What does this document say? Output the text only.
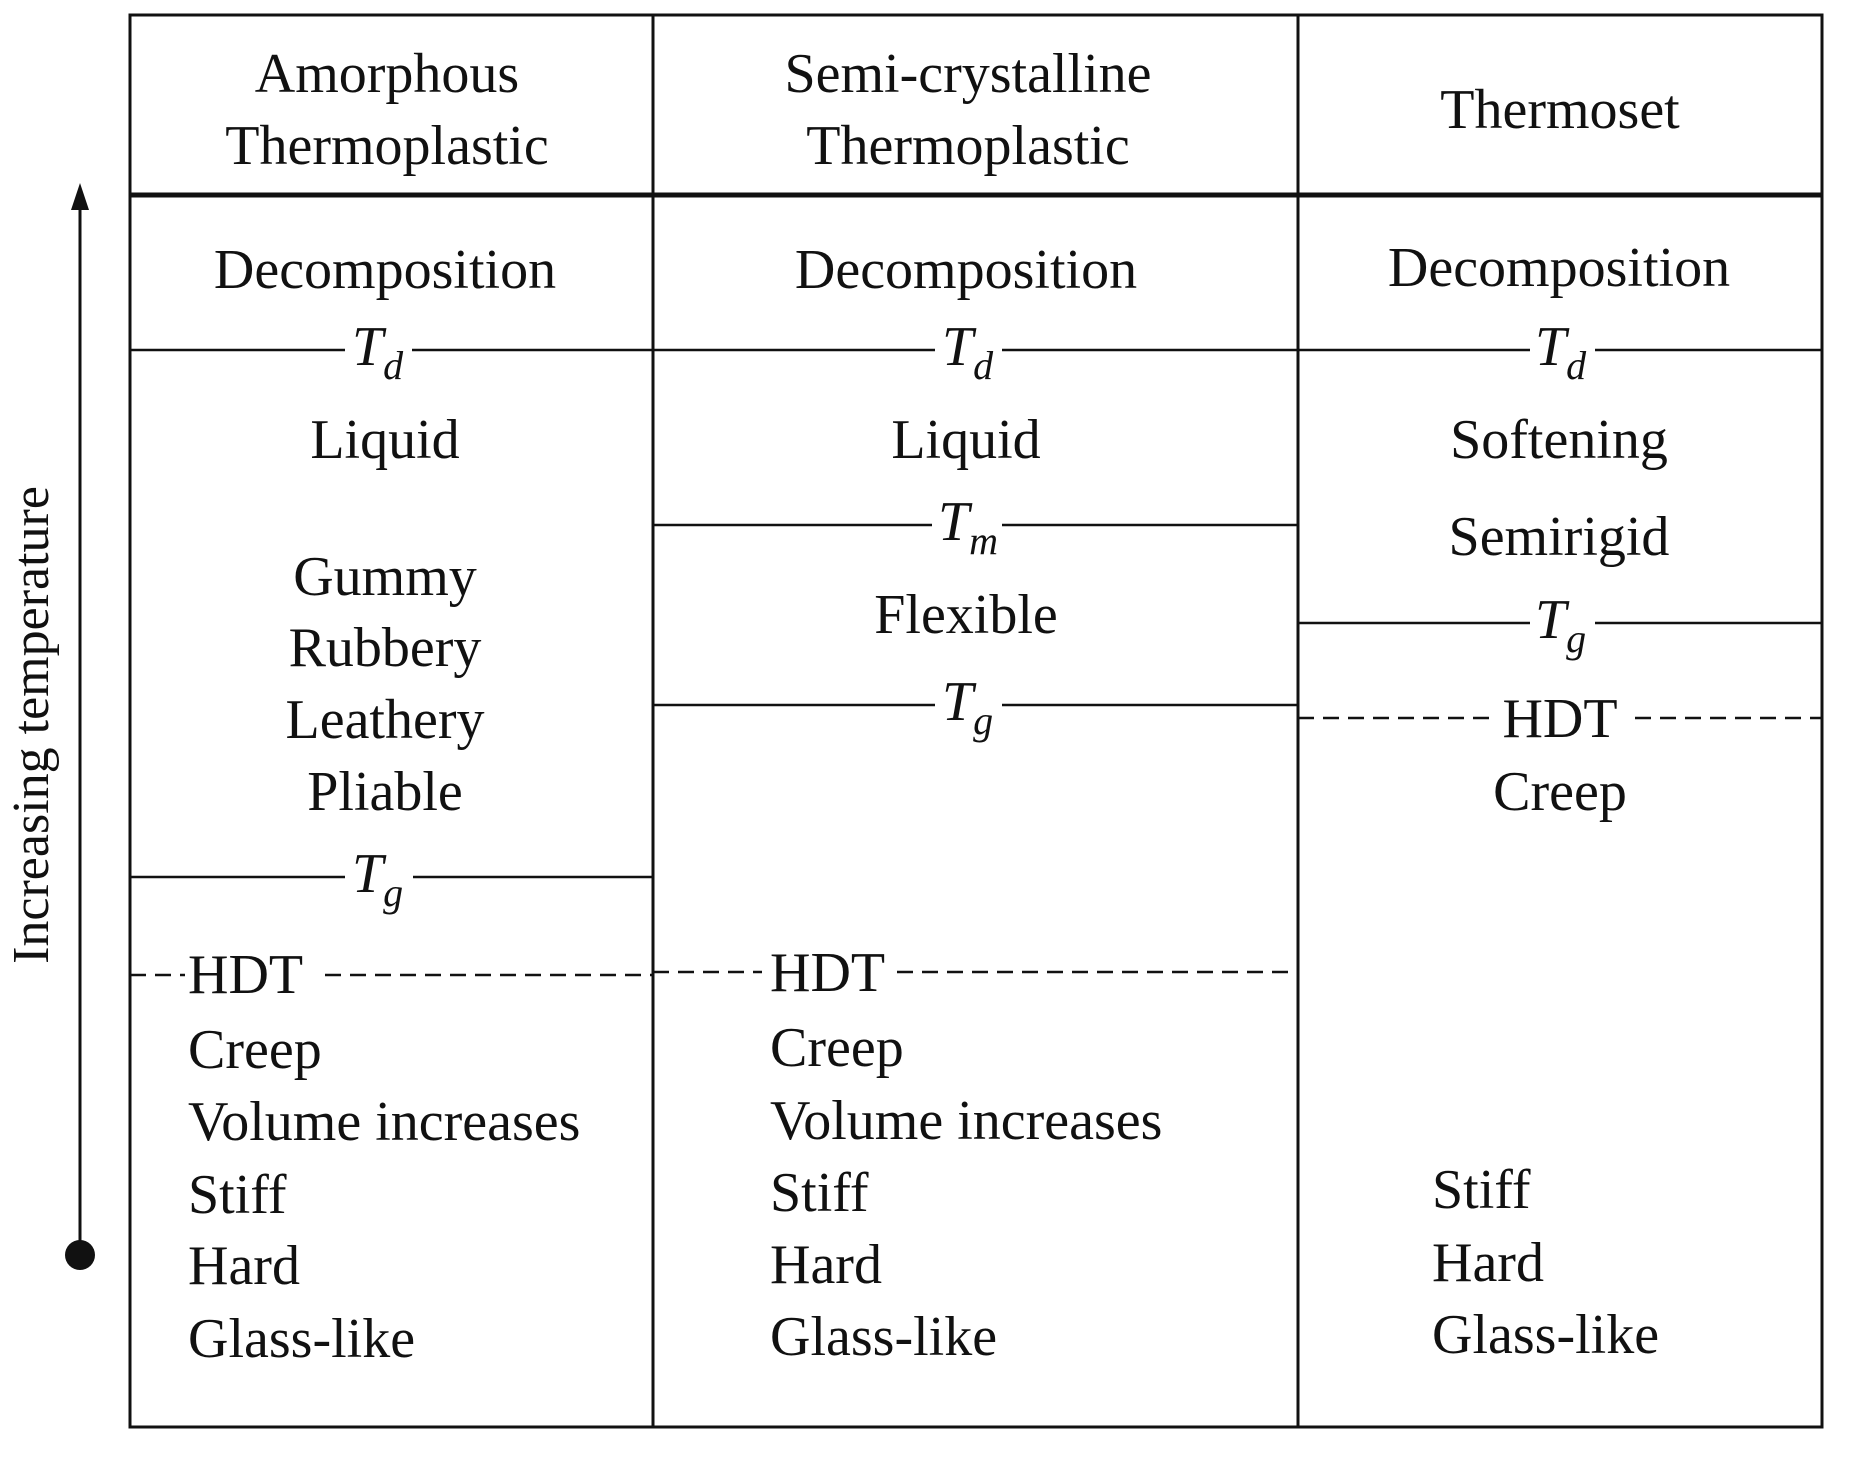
Increasing temperature
Amorphous
Thermoplastic
Decomposition
Td
Liquid
Gummy
Rubbery
Leathery
Pliable
Tg
HDT
Creep
Volume increases
Stiff
Hard
Glass-like
Semi-crystalline
Thermoplastic
Decomposition
Td
Liquid
Tm
Flexible
Tg
HDT
Creep
Volume increases
Stiff
Hard
Glass-like
Thermoset
Decomposition
Td
Softening
Semirigid
Tg
HDT
Creep
Stiff
Hard
Glass-like
